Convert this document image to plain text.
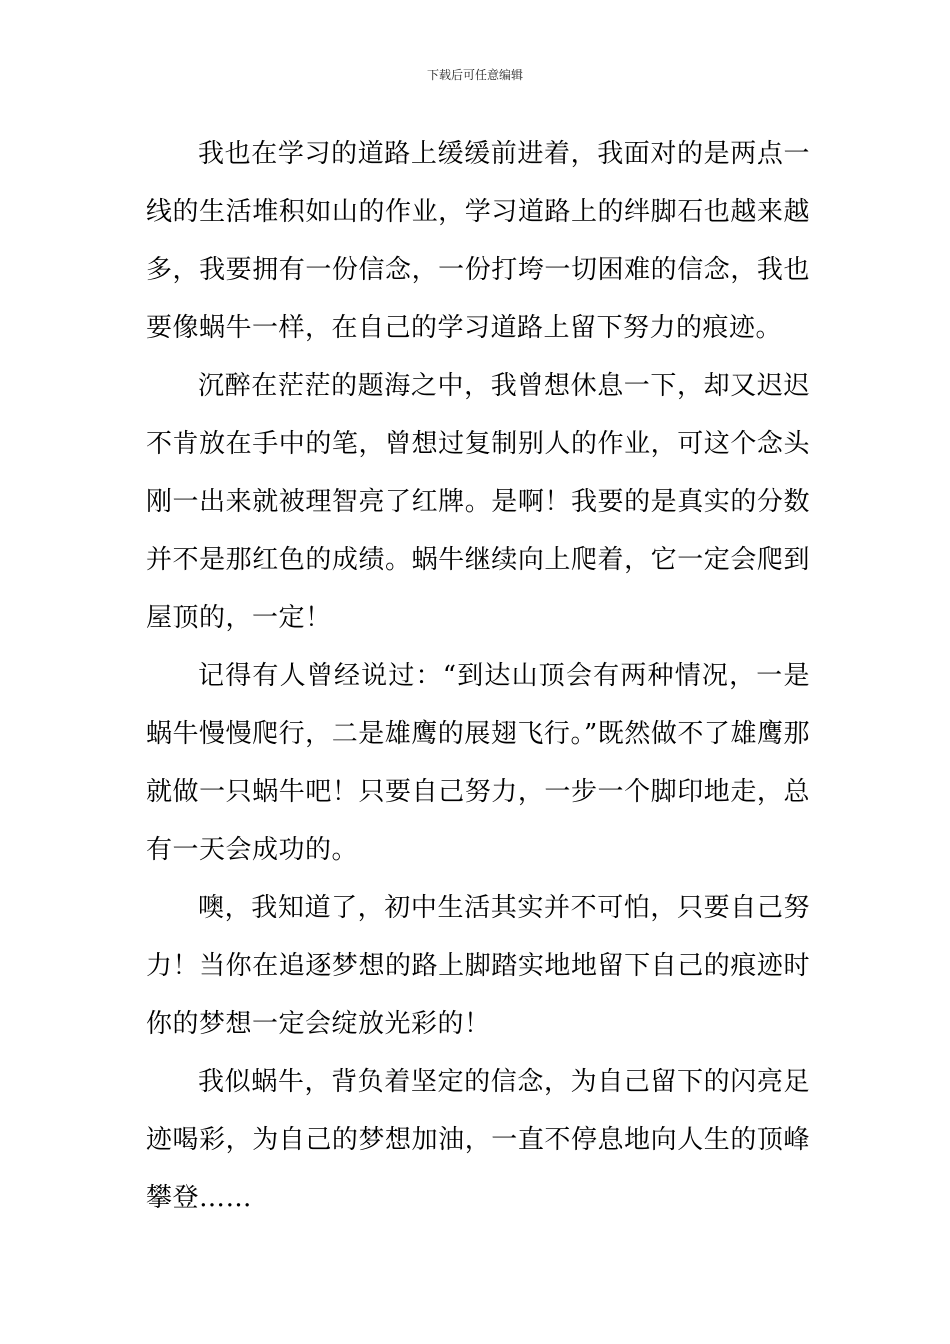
下载后可任意编辑

我也在学习的道路上缓缓前进着，我面对的是两点一线的生活堆积如山的作业，学习道路上的绊脚石也越来越多，我要拥有一份信念，一份打垮一切困难的信念，我也要像蜗牛一样，在自己的学习道路上留下努力的痕迹。

沉醉在茫茫的题海之中，我曾想休息一下，却又迟迟不肯放在手中的笔，曾想过复制别人的作业，可这个念头刚一出来就被理智亮了红牌。是啊！我要的是真实的分数并不是那红色的成绩。蜗牛继续向上爬着，它一定会爬到屋顶的，一定！

记得有人曾经说过：“到达山顶会有两种情况，一是蜗牛慢慢爬行，二是雄鹰的展翅飞行。”既然做不了雄鹰那就做一只蜗牛吧！只要自己努力，一步一个脚印地走，总有一天会成功的。

噢，我知道了，初中生活其实并不可怕，只要自己努力！当你在追逐梦想的路上脚踏实地地留下自己的痕迹时你的梦想一定会绽放光彩的！

我似蜗牛，背负着坚定的信念，为自己留下的闪亮足迹喝彩，为自己的梦想加油，一直不停息地向人生的顶峰攀登……
